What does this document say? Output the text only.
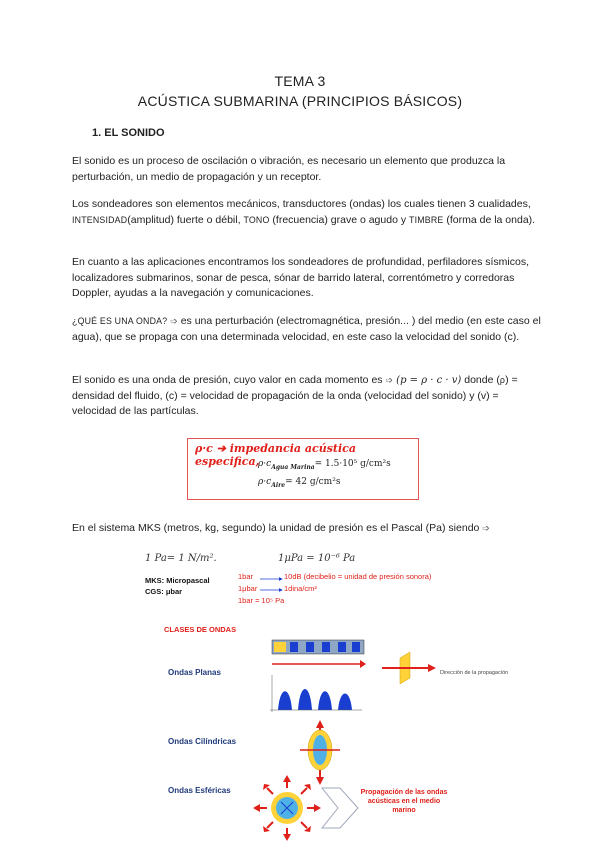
TEMA 3
ACÚSTICA SUBMARINA (PRINCIPIOS BÁSICOS)
1. EL SONIDO
El sonido es un proceso de oscilación o vibración, es necesario un elemento que produzca la perturbación, un medio de propagación y un receptor.
Los sondeadores son elementos mecánicos, transductores (ondas) los cuales tienen 3 cualidades, INTENSIDAD(amplitud) fuerte o débil, TONO (frecuencia) grave o agudo y TIMBRE (forma de la onda).
En cuanto a las aplicaciones encontramos los sondeadores de profundidad, perfiladores sísmicos, localizadores submarinos, sonar de pesca, sónar de barrido lateral, correntómetro y corredoras Doppler, ayudas a la navegación y comunicaciones.
¿QUÉ ES UNA ONDA? ➩ es una perturbación (electromagnética, presión... ) del medio (en este caso el agua), que se propaga con una determinada velocidad, en este caso la velocidad del sonido (c).
El sonido es una onda de presión, cuyo valor en cada momento es ➩ (p = ρ · c · v) donde (ρ) = densidad del fluido, (c) = velocidad de propagación de la onda (velocidad del sonido) y (v) = velocidad de las partículas.
ρ·c ➔ impedancia acústica especifica,
$\rho\cdot c_{Agua Marina}= 1.5\cdot 10^5$ g/cm²s
$\rho\cdot c_{Aire}= 42$ g/cm²s
En el sistema MKS (metros, kg, segundo) la unidad de presión es el Pascal (Pa) siendo ➩
1 Pa= 1 N/m².	1μPa = 10⁻⁶ Pa
MKS: Micropascal
CGS: μbar
1bar	10dB (decibelio = unidad de presión sonora)
1μbar	1dina/cm²
1bar = 10⁵ Pa
CLASES DE ONDAS
Ondas Planas
Ondas Cilíndricas
Ondas Esféricas
Dirección de la propagación
Propagación de las ondas acústicas en el medio marino
